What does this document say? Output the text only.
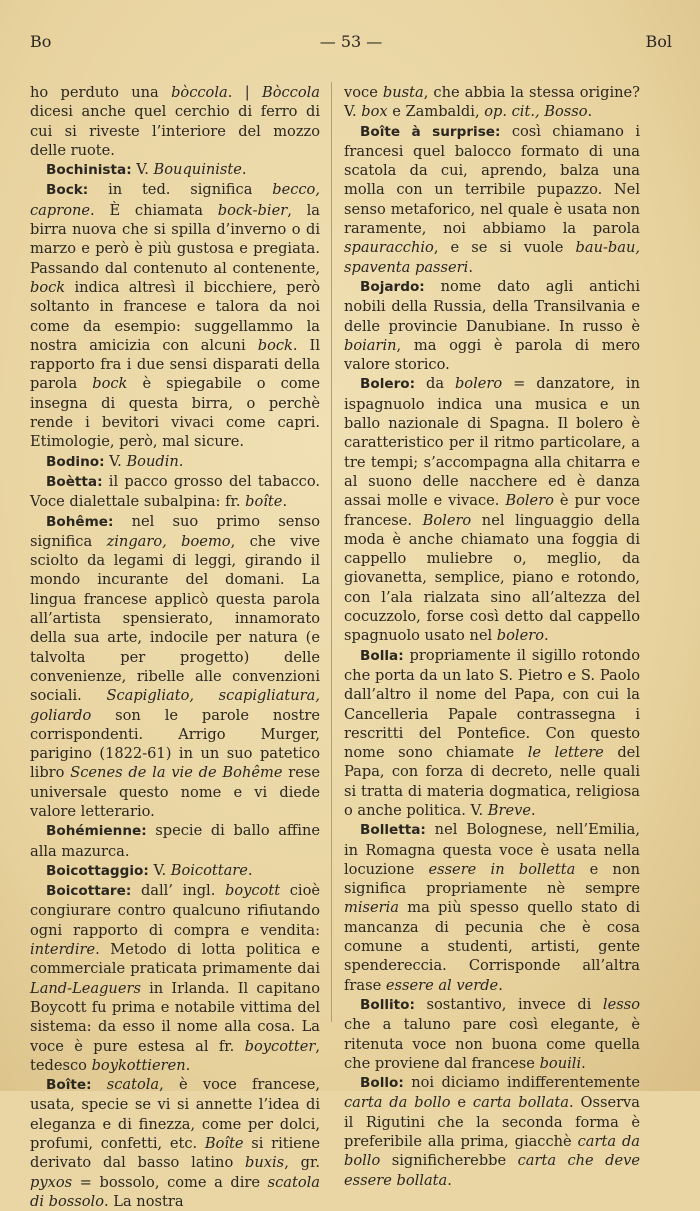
Bo	— 53 —	Bol

ho perduto una bòccola. | Bòccola dicesi anche quel cerchio di ferro di cui si riveste l’interiore del mozzo delle ruote.

Bochinista: V. Bouquiniste.

Bock: in ted. significa becco, caprone. È chiamata bock-bier, la birra nuova che si spilla d’inverno o di marzo e però è più gustosa e pregiata. Passando dal contenuto al contenente, bock indica altresì il bicchiere, però soltanto in francese e talora da noi come da esempio: suggellammo la nostra amicizia con alcuni bock. Il rapporto fra i due sensi disparati della parola bock è spiegabile o come insegna di questa birra, o perchè rende i bevitori vivaci come capri. Etimologie, però, mal sicure.

Bodino: V. Boudin.

Boètta: il pacco grosso del tabacco. Voce dialettale subalpina: fr. boîte.

Bohême: nel suo primo senso significa zingaro, boemo, che vive sciolto da legami di leggi, girando il mondo incurante del domani. La lingua francese applicò questa parola all’artista spensierato, innamorato della sua arte, indocile per natura (e talvolta per progetto) delle convenienze, ribelle alle convenzioni sociali. Scapigliato, scapigliatura, goliardo son le parole nostre corrispondenti. Arrigo Murger, parigino (1822-61) in un suo patetico libro Scenes de la vie de Bohême rese universale questo nome e vi diede valore letterario.

Bohémienne: specie di ballo affine alla mazurca.

Boicottaggio: V. Boicottare.

Boicottare: dall’ ingl. boycott cioè congiurare contro qualcuno rifiutando ogni rapporto di compra e vendita: interdire. Metodo di lotta politica e commerciale praticata primamente dai Land-Leaguers in Irlanda. Il capitano Boycott fu prima e notabile vittima del sistema: da esso il nome alla cosa. La voce è pure estesa al fr. boycotter, tedesco boykottieren.

Boîte: scatola, è voce francese, usata, specie se vi si annette l’idea di eleganza e di finezza, come per dolci, profumi, confetti, etc. Boîte si ritiene derivato dal basso latino buxis, gr. pyxos = bossolo, come a dire scatola di bossolo. La nostra

voce busta, che abbia la stessa origine? V. box e Zambaldi, op. cit., Bosso.

Boîte à surprise: così chiamano i francesi quel balocco formato di una scatola da cui, aprendo, balza una molla con un terribile pupazzo. Nel senso metaforico, nel quale è usata non raramente, noi abbiamo la parola spauracchio, e se si vuole bau-bau, spaventa passeri.

Bojardo: nome dato agli antichi nobili della Russia, della Transilvania e delle provincie Danubiane. In russo è boiarin, ma oggi è parola di mero valore storico.

Bolero: da bolero = danzatore, in ispagnuolo indica una musica e un ballo nazionale di Spagna. Il bolero è caratteristico per il ritmo particolare, a tre tempi; s’accompagna alla chitarra e al suono delle nacchere ed è danza assai molle e vivace. Bolero è pur voce francese. Bolero nel linguaggio della moda è anche chiamato una foggia di cappello muliebre o, meglio, da giovanetta, semplice, piano e rotondo, con l’ala rialzata sino all’altezza del cocuzzolo, forse così detto dal cappello spagnuolo usato nel bolero.

Bolla: propriamente il sigillo rotondo che porta da un lato S. Pietro e S. Paolo dall’altro il nome del Papa, con cui la Cancelleria Papale contrassegna i rescritti del Pontefice. Con questo nome sono chiamate le lettere del Papa, con forza di decreto, nelle quali si tratta di materia dogmatica, religiosa o anche politica. V. Breve.

Bolletta: nel Bolognese, nell’Emilia, in Romagna questa voce è usata nella locuzione essere in bolletta e non significa propriamente nè sempre miseria ma più spesso quello stato di mancanza di pecunia che è cosa comune a studenti, artisti, gente spendereccia. Corrisponde all’altra frase essere al verde.

Bollito: sostantivo, invece di lesso che a taluno pare così elegante, è ritenuta voce non buona come quella che proviene dal francese bouili.

Bollo: noi diciamo indifferentemente carta da bollo e carta bollata. Osserva il Rigutini che la seconda forma è preferibile alla prima, giacchè carta da bollo significherebbe carta che deve essere bollata.
